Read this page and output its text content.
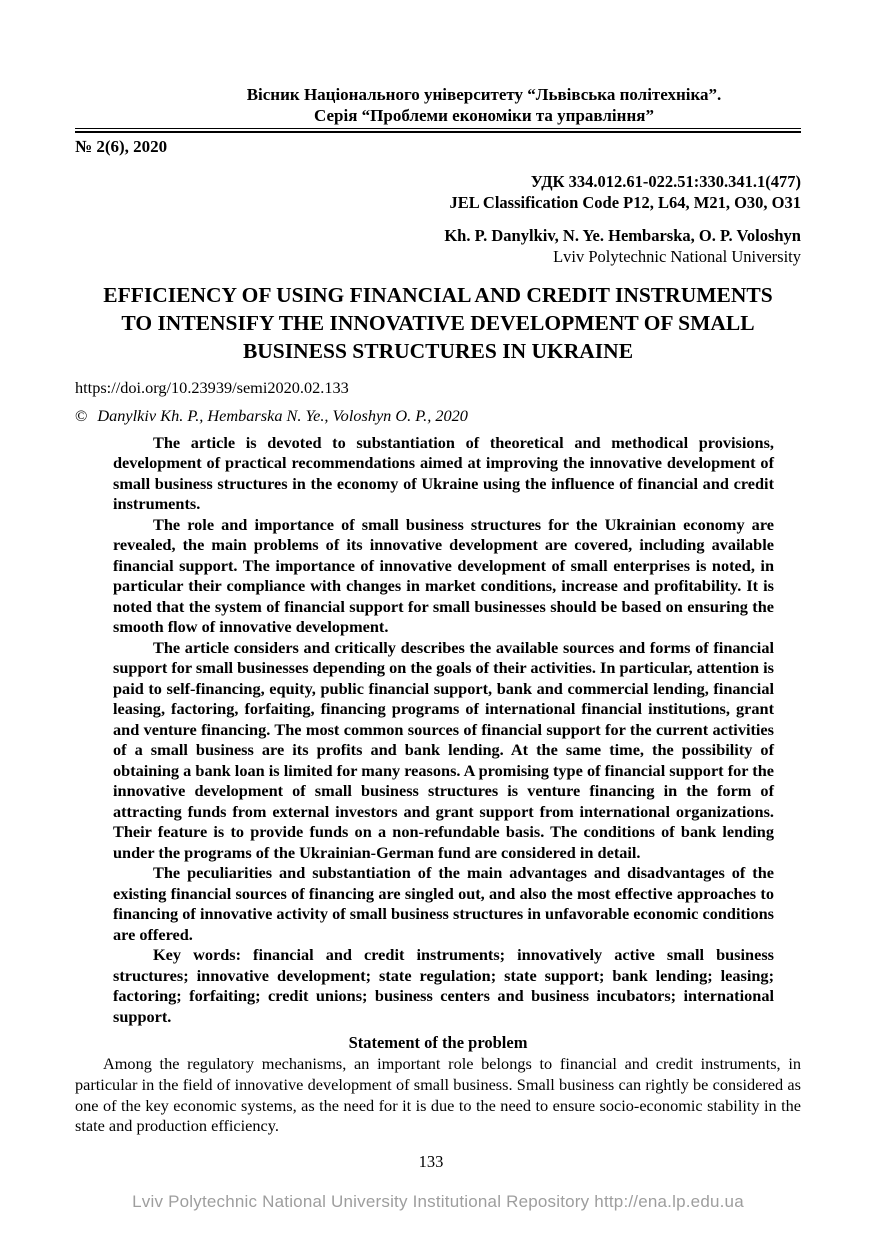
Вісник Національного університету “Львівська політехніка”.
Серія “Проблеми економіки та управління”
№ 2(6), 2020
УДК 334.012.61-022.51:330.341.1(477)
JEL Classification Code P12, L64, M21, O30, O31
Kh. P. Danylkiv, N. Ye. Hembarska, O. P. Voloshyn
Lviv Polytechnic National University
EFFICIENCY OF USING FINANCIAL AND CREDIT INSTRUMENTS
TO INTENSIFY THE INNOVATIVE DEVELOPMENT OF SMALL
BUSINESS STRUCTURES IN UKRAINE
https://doi.org/10.23939/semi2020.02.133
© Danylkiv Kh. P., Hembarska N. Ye., Voloshyn O. P., 2020

The article is devoted to substantiation of theoretical and methodical provisions, development of practical recommendations aimed at improving the innovative development of small business structures in the economy of Ukraine using the influence of financial and credit instruments.

The role and importance of small business structures for the Ukrainian economy are revealed, the main problems of its innovative development are covered, including available financial support. The importance of innovative development of small enterprises is noted, in particular their compliance with changes in market conditions, increase and profitability. It is noted that the system of financial support for small businesses should be based on ensuring the smooth flow of innovative development.

The article considers and critically describes the available sources and forms of financial support for small businesses depending on the goals of their activities. In particular, attention is paid to self-financing, equity, public financial support, bank and commercial lending, financial leasing, factoring, forfaiting, financing programs of international financial institutions, grant and venture financing. The most common sources of financial support for the current activities of a small business are its profits and bank lending. At the same time, the possibility of obtaining a bank loan is limited for many reasons. A promising type of financial support for the innovative development of small business structures is venture financing in the form of attracting funds from external investors and grant support from international organizations. Their feature is to provide funds on a non-refundable basis. The conditions of bank lending under the programs of the Ukrainian-German fund are considered in detail.

The peculiarities and substantiation of the main advantages and disadvantages of the existing financial sources of financing are singled out, and also the most effective approaches to financing of innovative activity of small business structures in unfavorable economic conditions are offered.

Key words: financial and credit instruments; innovatively active small business structures; innovative development; state regulation; state support; bank lending; leasing; factoring; forfaiting; credit unions; business centers and business incubators; international support.

Statement of the problem

Among the regulatory mechanisms, an important role belongs to financial and credit instruments, in particular in the field of innovative development of small business. Small business can rightly be considered as one of the key economic systems, as the need for it is due to the need to ensure socio-economic stability in the state and production efficiency.

133
Lviv Polytechnic National University Institutional Repository http://ena.lp.edu.ua
